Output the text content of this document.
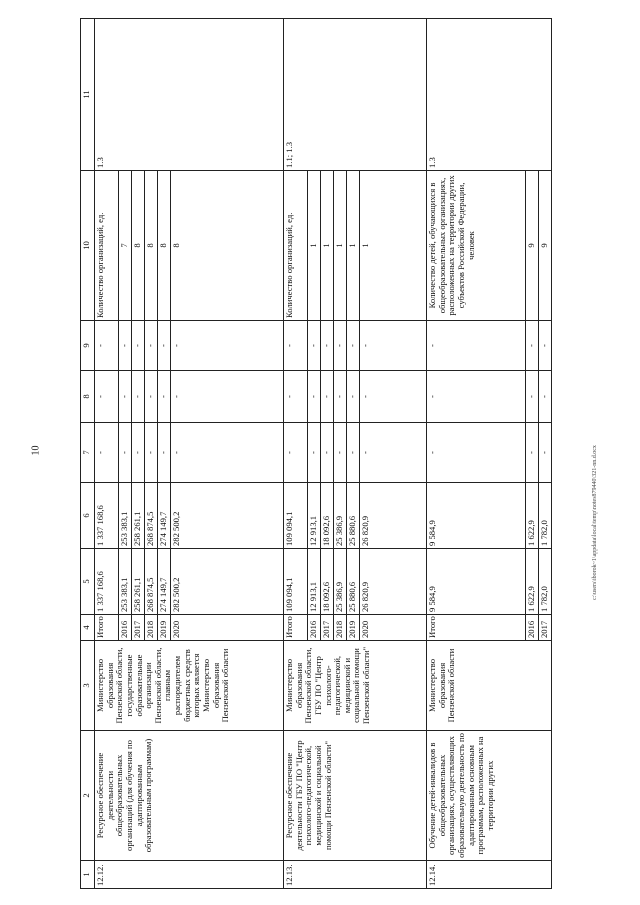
10	c:\users\iborok~1\appdata\local\temp\notes879440\321-nn.d.ocx
1	2	3	4	5	6	7	8	9	10	11
12.12.	Ресурсное обеспечение деятельности общеобразовательных организаций (для обучения по адаптированным образовательным программам)	Министерство образования Пензенской области, государственные образовательные организации Пензенской области, главным распорядителем бюджетных средств которых является Министерство образования Пензенской области	Итого	1 337 168,6	1 337 168,6	-	-	-	Количество организаций, ед.	1.3
			2016	253 383,1	253 383,1	-	-	-	7	
			2017	258 261,1	258 261,1	-	-	-	8	
			2018	268 874,5	268 874,5	-	-	-	8	
			2019	274 149,7	274 149,7	-	-	-	8	
			2020	282 500,2	282 500,2	-	-	-	8	
12.13.	Ресурсное обеспечение деятельности ГБУ ПО "Центр психолого-педагогической, медицинской и социальной помощи Пензенской области"	Министерство образования Пензенской области, ГБУ ПО "Центр психолого-педагогической, медицинской и социальной помощи Пензенской области"	Итого	109 094,1	109 094,1	-	-	-	Количество организаций, ед.	1.1; 1.3
			2016	12 913,1	12 913,1	-	-	-	1	
			2017	18 092,6	18 092,6	-	-	-	1	
			2018	25 386,9	25 386,9	-	-	-	1	
			2019	25 880,6	25 880,6	-	-	-	1	
			2020	26 820,9	26 820,9	-	-	-	1	
12.14.	Обучение детей-инвалидов в общеобразовательных организациях, осуществляющих образовательную деятельность по адаптированным основным программам, расположенных на территории других	Министерство образования Пензенской области	Итого	9 584,9	9 584,9	-	-	-	Количество детей, обучающихся в общеобразовательных организациях, расположенных на территории других субъектов Российской Федерации, человек	1.3
			2016	1 622,9	1 622,9	-	-	-	9	
			2017	1 782,0	1 782,0	-	-	-	9	
